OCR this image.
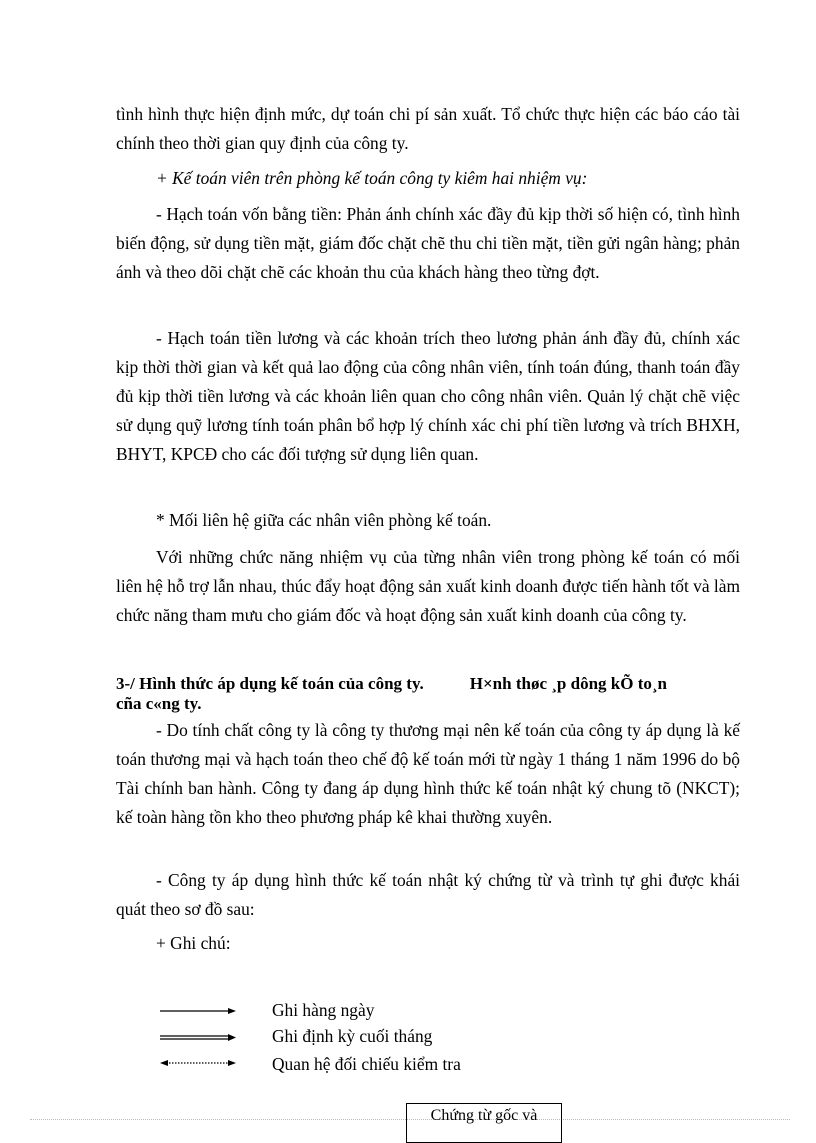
tình hình thực hiện định mức, dự toán chi pí sản xuất. Tổ chức thực hiện các báo cáo tài chính theo thời gian quy định của công ty.

+ Kế toán viên trên phòng kế toán công ty kiêm hai nhiệm vụ:

- Hạch toán vốn bằng tiền: Phản ánh chính xác đầy đủ kịp thời số hiện có, tình hình biến động, sử dụng tiền mặt, giám đốc chặt chẽ thu chi tiền mặt, tiền gửi ngân hàng; phản ánh và theo dõi chặt chẽ các khoản thu của khách hàng theo từng đợt.

- Hạch toán tiền lương và các khoản trích theo lương phản ánh đầy đủ, chính xác kịp thời thời gian và kết quả lao động của công nhân viên, tính toán đúng, thanh toán đầy đủ kịp thời tiền lương và các khoản liên quan cho công nhân viên. Quản lý chặt chẽ việc sử dụng quỹ lương tính toán phân bổ hợp lý chính xác chi phí tiền lương và trích BHXH, BHYT, KPCĐ cho các đối tượng sử dụng liên quan.

* Mối liên hệ giữa các nhân viên phòng kế toán.

Với những chức năng nhiệm vụ của từng nhân viên trong phòng kế toán có mối liên hệ hỗ trợ lẫn nhau, thúc đẩy hoạt động sản xuất kinh doanh được tiến hành tốt và làm chức năng tham mưu cho giám đốc và hoạt động sản xuất kinh doanh của công ty.

3-/ Hình thức áp dụng kế toán của công ty.	H×nh thøc ¸p dông kÕ to¸n
cña c«ng ty.

- Do tính chất công ty là công ty thương mại nên kế toán của công ty áp dụng là kế toán thương mại và hạch toán theo chế độ kế toán mới từ ngày 1 tháng 1 năm 1996 do bộ Tài chính ban hành. Công ty đang áp dụng hình thức kế toán nhật ký chung tõ (NKCT); kế toàn hàng tồn kho theo phương pháp kê khai thường xuyên.

- Công ty áp dụng hình thức kế toán nhật ký chứng từ và trình tự ghi được khái quát theo sơ đồ sau:

+ Ghi chú:

Ghi hàng ngày
Ghi định kỳ cuối tháng
Quan hệ đối chiếu kiểm tra
Chứng từ gốc và
